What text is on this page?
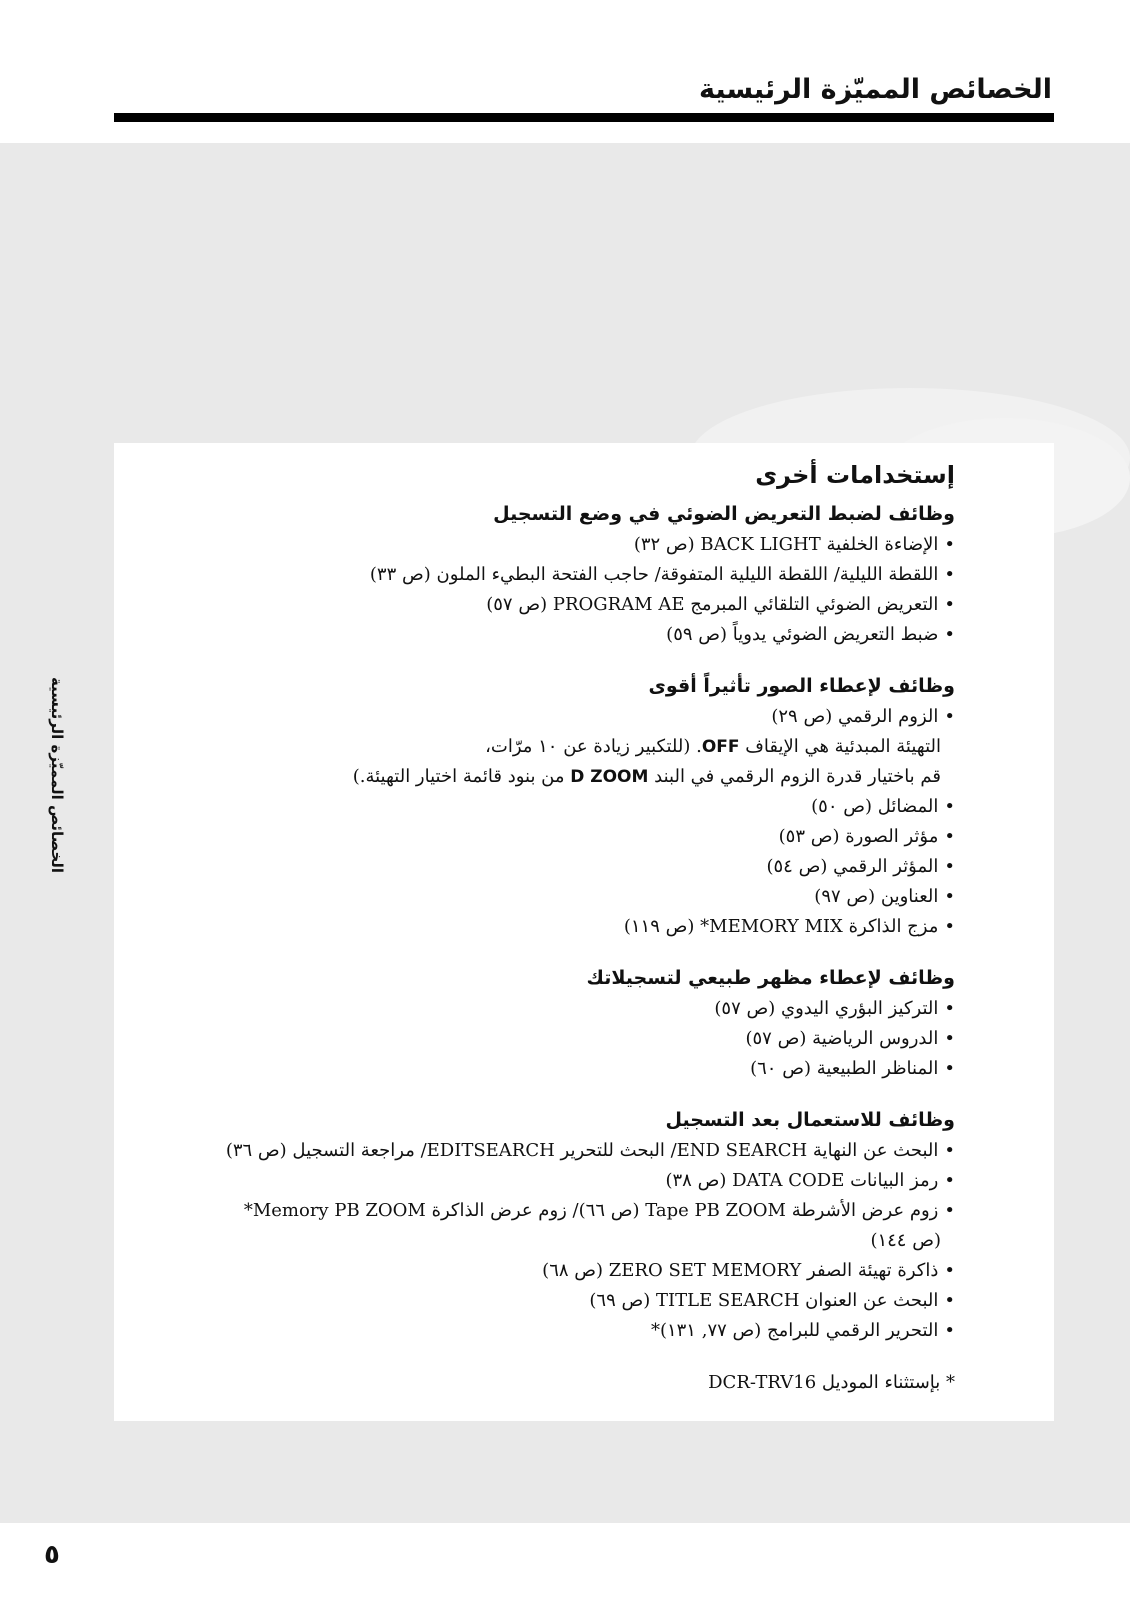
الخصائص المميّزة الرئيسية
إستخدامات أخرى
وظائف لضبط التعريض الضوئي في وضع التسجيل
•الإضاءة الخلفية BACK LIGHT (ص ٣٢)
•اللقطة الليلية/ اللقطة الليلية المتفوقة/ حاجب الفتحة البطيء الملون (ص ٣٣)
•التعريض الضوئي التلقائي المبرمج PROGRAM AE (ص ٥٧)
•ضبط التعريض الضوئي يدوياً (ص ٥٩)
وظائف لإعطاء الصور تأثيراً أقوى
•الزوم الرقمي (ص ٢٩)
التهيئة المبدئية هي الإيقاف OFF. (للتكبير زيادة عن ١٠ مرّات،
قم باختيار قدرة الزوم الرقمي في البند D ZOOM من بنود قائمة اختيار التهيئة.)
•المضائل (ص ٥٠)
•مؤثر الصورة (ص ٥٣)
•المؤثر الرقمي (ص ٥٤)
•العناوين (ص ٩٧)
•مزج الذاكرة MEMORY MIX* (ص ١١٩)
وظائف لإعطاء مظهر طبيعي لتسجيلاتك
•التركيز البؤري اليدوي (ص ٥٧)
•الدروس الرياضية (ص ٥٧)
•المناظر الطبيعية (ص ٦٠)
وظائف للاستعمال بعد التسجيل
•البحث عن النهاية END SEARCH/ البحث للتحرير EDITSEARCH/ مراجعة التسجيل (ص ٣٦)
•رمز البيانات DATA CODE (ص ٣٨)
•زوم عرض الأشرطة Tape PB ZOOM (ص ٦٦)/ زوم عرض الذاكرة Memory PB ZOOM*
(ص ١٤٤)
•ذاكرة تهيئة الصفر ZERO SET MEMORY (ص ٦٨)
•البحث عن العنوان TITLE SEARCH (ص ٦٩)
•التحرير الرقمي للبرامج (ص ٧٧, ١٣١)*
* بإستثناء الموديل DCR-TRV16
الخصائص المميّزة الرئيسية
٥
